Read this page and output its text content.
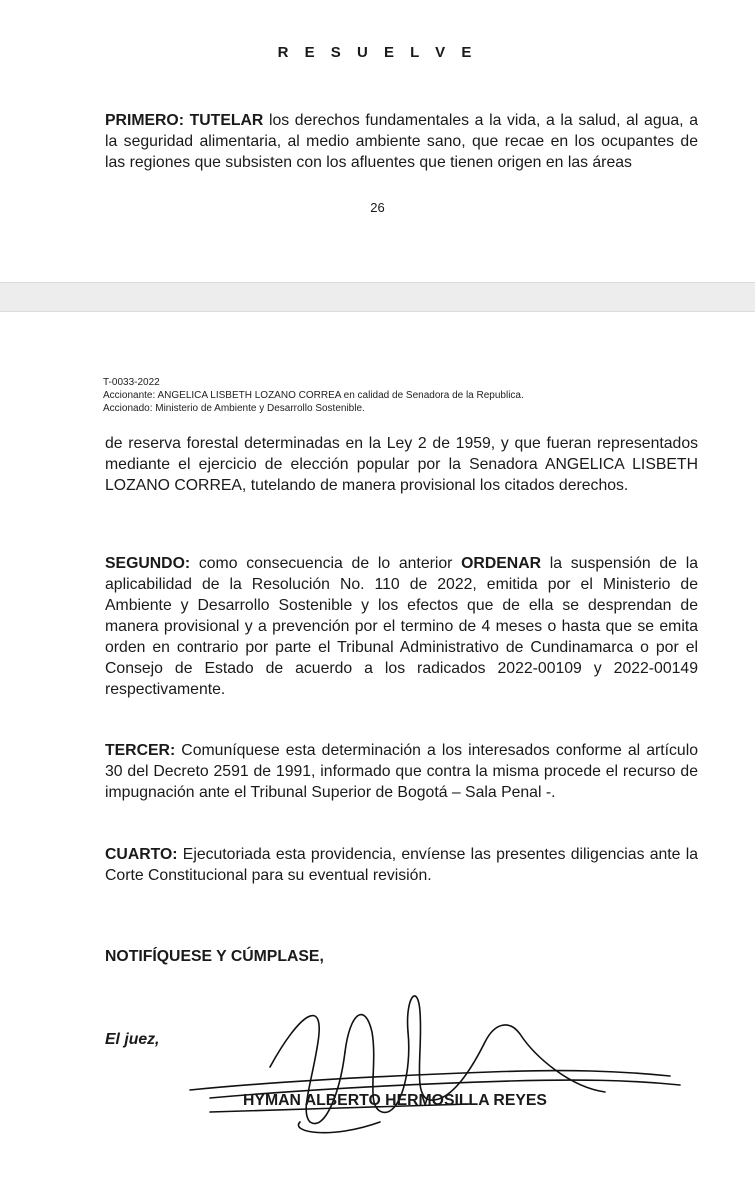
R E S U E L V E
PRIMERO: TUTELAR los derechos fundamentales a la vida, a la salud, al agua, a la seguridad alimentaria, al medio ambiente sano, que recae en los ocupantes de las regiones que subsisten con los afluentes que tienen origen en las áreas
26
T-0033-2022
Accionante: ANGELICA LISBETH LOZANO CORREA en calidad de Senadora de la Republica.
Accionado: Ministerio de Ambiente y Desarrollo Sostenible.
de reserva forestal determinadas en la Ley 2 de 1959, y que fueran representados mediante el ejercicio de elección popular por la Senadora ANGELICA LISBETH LOZANO CORREA, tutelando de manera provisional los citados derechos.
SEGUNDO: como consecuencia de lo anterior ORDENAR la suspensión de la aplicabilidad de la Resolución No. 110 de 2022, emitida por el Ministerio de Ambiente y Desarrollo Sostenible y los efectos que de ella se desprendan de manera provisional y a prevención por el termino de 4 meses o hasta que se emita orden en contrario por parte el Tribunal Administrativo de Cundinamarca o por el Consejo de Estado de acuerdo a los radicados 2022-00109 y 2022-00149 respectivamente.
TERCER: Comuníquese esta determinación a los interesados conforme al artículo 30 del Decreto 2591 de 1991, informado que contra la misma procede el recurso de impugnación ante el Tribunal Superior de Bogotá – Sala Penal -.
CUARTO: Ejecutoriada esta providencia, envíense las presentes diligencias ante la Corte Constitucional para su eventual revisión.
NOTIFÍQUESE Y CÚMPLASE,
El juez,
HYMAN ALBERTO HERMOSILLA REYES
